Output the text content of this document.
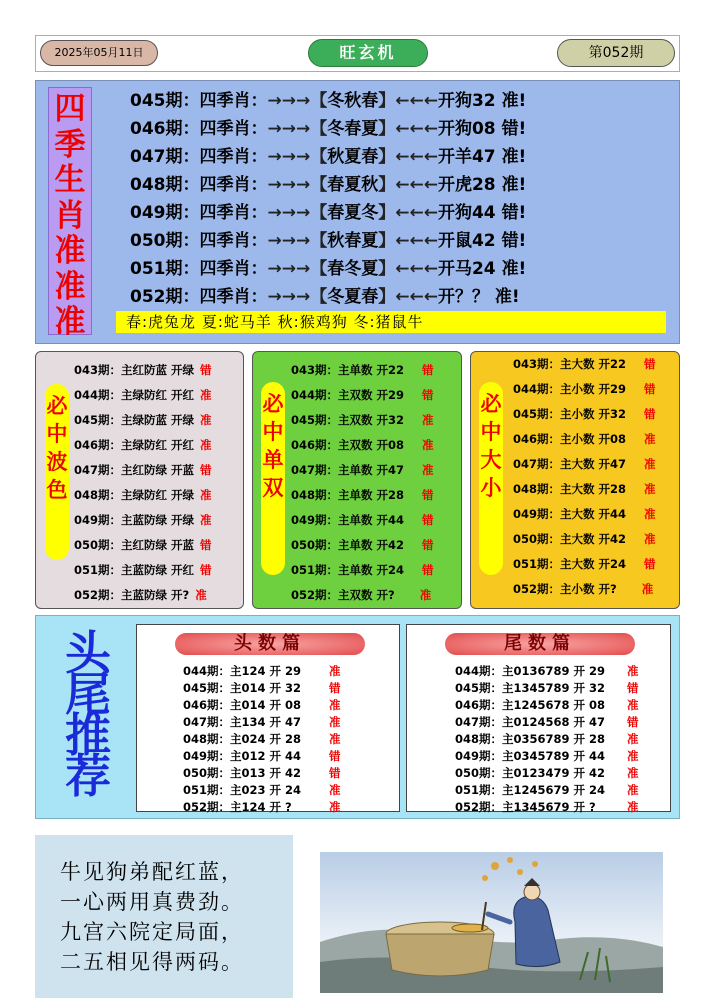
2025年05月11日	旺玄机	第052期
四
季
生
肖
准
准
准
045期：四季肖：→→→【冬秋春】←←←开狗32 准!
046期：四季肖：→→→【冬春夏】←←←开狗08 错!
047期：四季肖：→→→【秋夏春】←←←开羊47 准!
048期：四季肖：→→→【春夏秋】←←←开虎28 准!
049期：四季肖：→→→【春夏冬】←←←开狗44 错!
050期：四季肖：→→→【秋春夏】←←←开鼠42 错!
051期：四季肖：→→→【春冬夏】←←←开马24 准!
052期：四季肖：→→→【冬夏春】←←←开？？ 准!
春:虎兔龙 夏:蛇马羊 秋:猴鸡狗 冬:猪鼠牛
必
中
波
色
043期：主红防蓝 开绿 错
044期：主绿防红 开红 准
045期：主绿防蓝 开绿 准
046期：主绿防红 开红 准
047期：主红防绿 开蓝 错
048期：主绿防红 开绿 准
049期：主蓝防绿 开绿 准
050期：主红防绿 开蓝 错
051期：主蓝防绿 开红 错
052期：主蓝防绿 开? 准
必
中
单
双
043期：主单数 开22 错
044期：主双数 开29 错
045期：主双数 开32 准
046期：主双数 开08 准
047期：主单数 开47 准
048期：主单数 开28 错
049期：主单数 开44 错
050期：主单数 开42 错
051期：主单数 开24 错
052期：主双数 开? 准
必
中
大
小
043期：主大数 开22 错
044期：主小数 开29 错
045期：主小数 开32 错
046期：主小数 开08 准
047期：主大数 开47 准
048期：主大数 开28 准
049期：主大数 开44 准
050期：主大数 开42 准
051期：主大数 开24 错
052期：主小数 开? 准
头
尾
推
荐
头数篇
044期：主124 开 29 准
045期：主014 开 32 错
046期：主014 开 08 准
047期：主134 开 47 准
048期：主024 开 28 准
049期：主012 开 44 错
050期：主013 开 42 错
051期：主023 开 24 准
052期：主124 开 ?	准
尾数篇
044期：主0136789 开 29 准
045期：主1345789 开 32 错
046期：主1245678 开 08 准
047期：主0124568 开 47 错
048期：主0356789 开 28 准
049期：主0345789 开 44 准
050期：主0123479 开 42 准
051期：主1245679 开 24 准
052期：主1345679 开 ?	准
牛见狗弟配红蓝，
一心两用真费劲。
九宫六院定局面，
二五相见得两码。
